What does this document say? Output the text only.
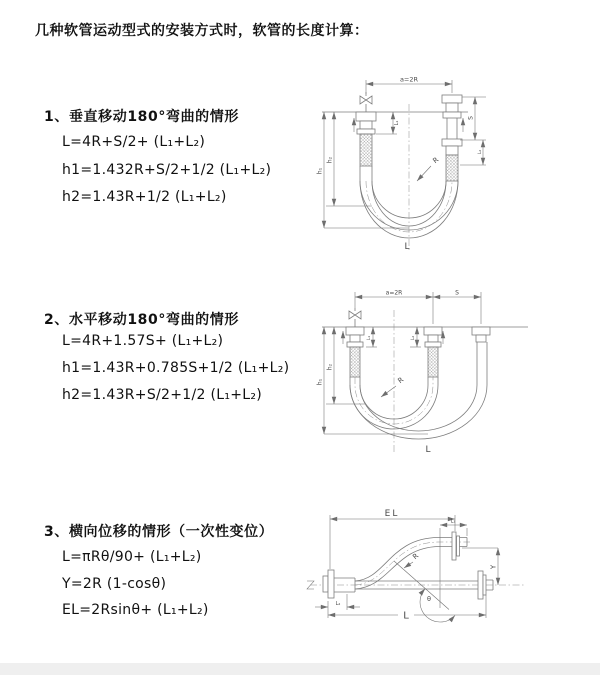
几种软管运动型式的安装方式时，软管的长度计算：
1、垂直移动180°弯曲的情形
L=4R+S/2+ (L₁+L₂)
h1=1.432R+S/2+1/2 (L₁+L₂)
h2=1.43R+1/2 (L₁+L₂)
a=2R
h₂
h₁
L₁
S
L₂
R
L
2、水平移动180°弯曲的情形
L=4R+1.57S+ (L₁+L₂)
h1=1.43R+0.785S+1/2 (L₁+L₂)
h2=1.43R+S/2+1/2 (L₁+L₂)
a=2R	S
h₂
h₁
L₁	L₂
R
L
3、横向位移的情形（一次性变位）
L=πRθ/90+ (L₁+L₂)
Y=2R (1-cosθ)
EL=2Rsinθ+ (L₁+L₂)
EL
L₁
Y
L
L₂
θ
R
